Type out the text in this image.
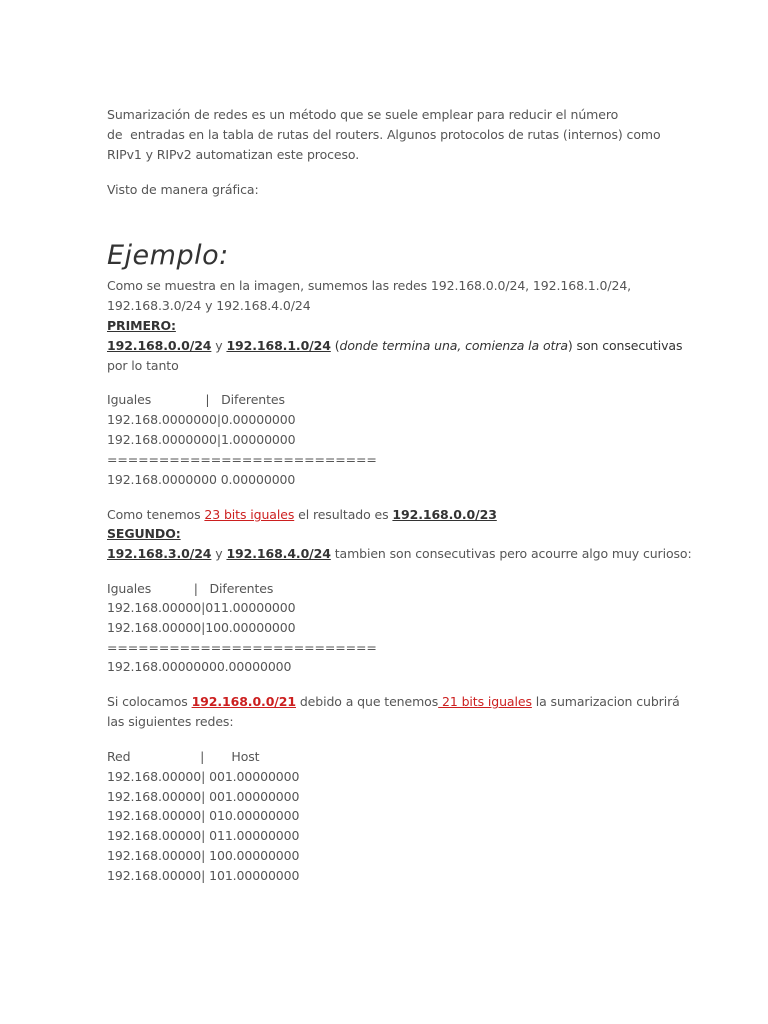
Sumarización de redes es un método que se suele emplear para reducir el número

de  entradas en la tabla de rutas del routers. Algunos protocolos de rutas (internos) como

RIPv1 y RIPv2 automatizan este proceso.

Visto de manera gráfica:

Ejemplo:

Como se muestra en la imagen, sumemos las redes 192.168.0.0/24, 192.168.1.0/24,

192.168.3.0/24 y 192.168.4.0/24

PRIMERO:

192.168.0.0/24 y 192.168.1.0/24 (donde termina una, comienza la otra) son consecutivas

por lo tanto

Iguales              |   Diferentes

192.168.0000000|0.00000000

192.168.0000000|1.00000000

==========================

192.168.0000000 0.00000000

Como tenemos 23 bits iguales el resultado es 192.168.0.0/23

SEGUNDO:

192.168.3.0/24 y 192.168.4.0/24 tambien son consecutivas pero acourre algo muy curioso:

Iguales           |   Diferentes

192.168.00000|011.00000000

192.168.00000|100.00000000

==========================

192.168.00000000.00000000

Si colocamos 192.168.0.0/21 debido a que tenemos 21 bits iguales la sumarizacion cubrirá

las siguientes redes:

Red                  |       Host

192.168.00000| 001.00000000

192.168.00000| 001.00000000

192.168.00000| 010.00000000

192.168.00000| 011.00000000

192.168.00000| 100.00000000

192.168.00000| 101.00000000
